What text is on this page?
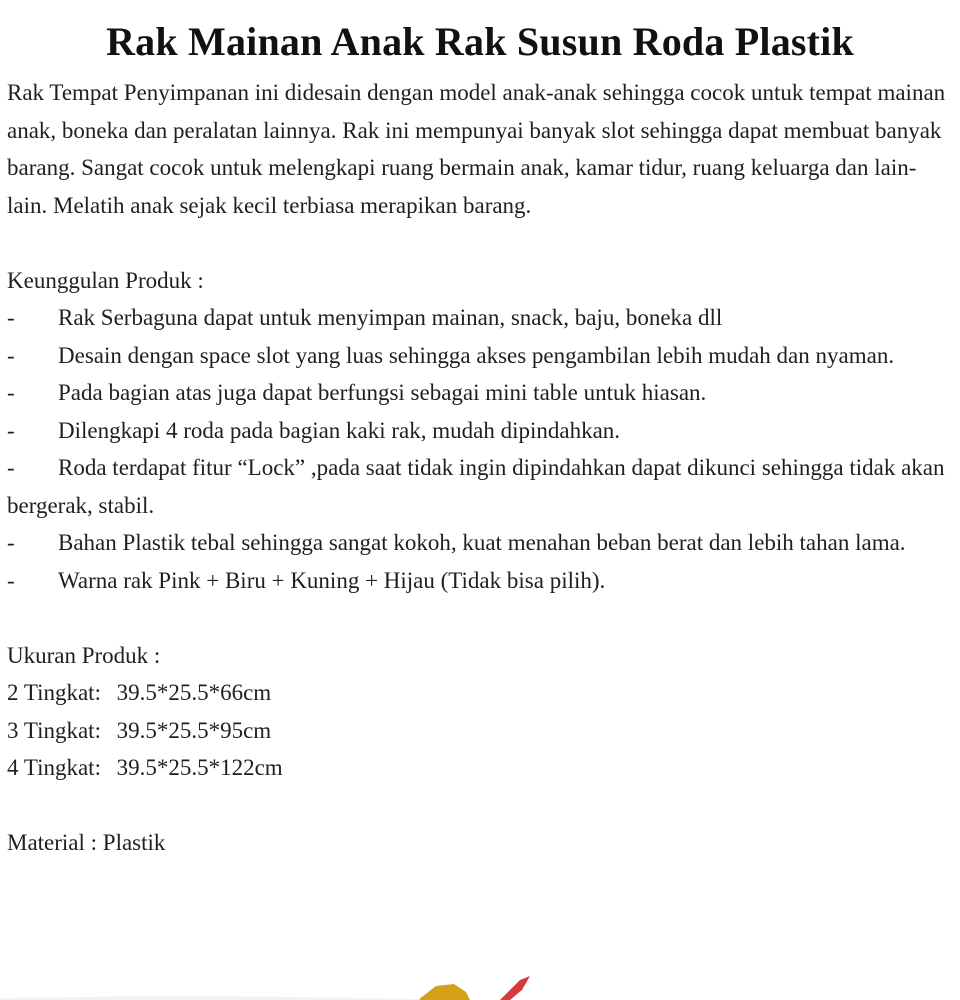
Rak Mainan Anak Rak Susun Roda Plastik

Rak Tempat Penyimpanan ini didesain dengan model anak-anak sehingga cocok untuk tempat mainan anak, boneka dan peralatan lainnya. Rak ini mempunyai banyak slot sehingga dapat membuat banyak barang. Sangat cocok untuk melengkapi ruang bermain anak, kamar tidur, ruang keluarga dan lain-lain. Melatih anak sejak kecil terbiasa merapikan barang.

Keunggulan Produk :

- Rak Serbaguna dapat untuk menyimpan mainan, snack, baju, boneka dll

- Desain dengan space slot yang luas sehingga akses pengambilan lebih mudah dan nyaman.

- Pada bagian atas juga dapat berfungsi sebagai mini table untuk hiasan.

- Dilengkapi 4 roda pada bagian kaki rak, mudah dipindahkan.

- Roda terdapat fitur “Lock” ,pada saat tidak ingin dipindahkan dapat dikunci sehingga tidak akan bergerak, stabil.

- Bahan Plastik tebal sehingga sangat kokoh, kuat menahan beban berat dan lebih tahan lama.

- Warna rak Pink + Biru + Kuning + Hijau (Tidak bisa pilih).

Ukuran Produk :

2 Tingkat: 39.5*25.5*66cm

3 Tingkat: 39.5*25.5*95cm

4 Tingkat: 39.5*25.5*122cm

Material : Plastik
